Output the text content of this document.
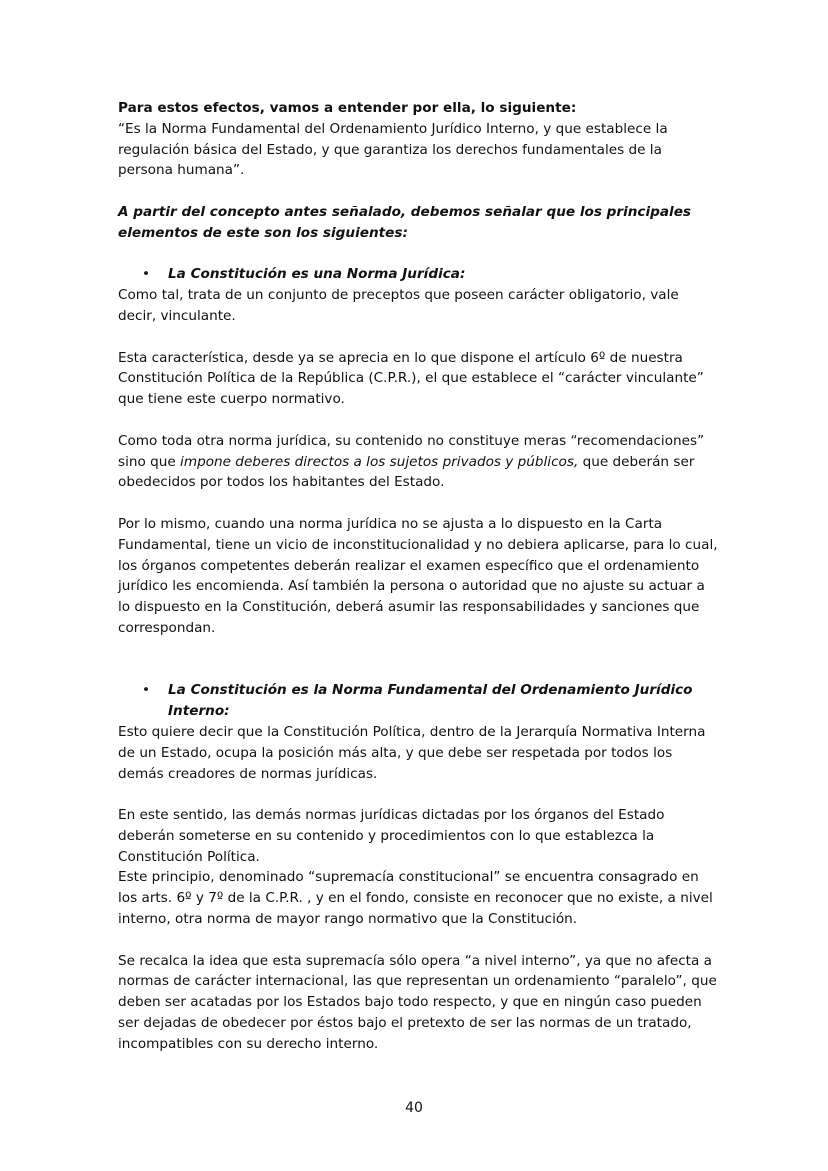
Para estos efectos, vamos a entender por ella, lo siguiente:

“Es la Norma Fundamental del Ordenamiento Jurídico Interno, y que establece la regulación básica del Estado, y que garantiza los derechos fundamentales de la persona humana”.

A partir del concepto antes señalado, debemos señalar que los principales elementos de este son los siguientes:

• La Constitución es una Norma Jurídica:

Como tal, trata de un conjunto de preceptos que poseen carácter obligatorio, vale decir, vinculante.

Esta característica, desde ya se aprecia en lo que dispone el artículo 6º de nuestra Constitución Política de la República (C.P.R.), el que establece el “carácter vinculante” que tiene este cuerpo normativo.

Como toda otra norma jurídica, su contenido no constituye meras “recomendaciones” sino que impone deberes directos a los sujetos privados y públicos, que deberán ser obedecidos por todos los habitantes del Estado.

Por lo mismo, cuando una norma jurídica no se ajusta a lo dispuesto en la Carta Fundamental, tiene un vicio de inconstitucionalidad y no debiera aplicarse, para lo cual, los órganos competentes deberán realizar el examen específico que el ordenamiento jurídico les encomienda. Así también la persona o autoridad que no ajuste su actuar a lo dispuesto en la Constitución, deberá asumir las responsabilidades y sanciones que correspondan.

• La Constitución es la Norma Fundamental del Ordenamiento Jurídico Interno:

Esto quiere decir que la Constitución Política, dentro de la Jerarquía Normativa Interna de un Estado, ocupa la posición más alta, y que debe ser respetada por todos los demás creadores de normas jurídicas.

En este sentido, las demás normas jurídicas dictadas por los órganos del Estado deberán someterse en su contenido y procedimientos con lo que establezca la Constitución Política.

Este principio, denominado “supremacía constitucional” se encuentra consagrado en los arts. 6º y 7º de la C.P.R. , y en el fondo, consiste en reconocer que no existe, a nivel interno, otra norma de mayor rango normativo que la Constitución.

Se recalca la idea que esta supremacía sólo opera “a nivel interno”, ya que no afecta a normas de carácter internacional, las que representan un ordenamiento “paralelo”, que deben ser acatadas por los Estados bajo todo respecto, y que en ningún caso pueden ser dejadas de obedecer por éstos bajo el pretexto de ser las normas de un tratado, incompatibles con su derecho interno.

40
